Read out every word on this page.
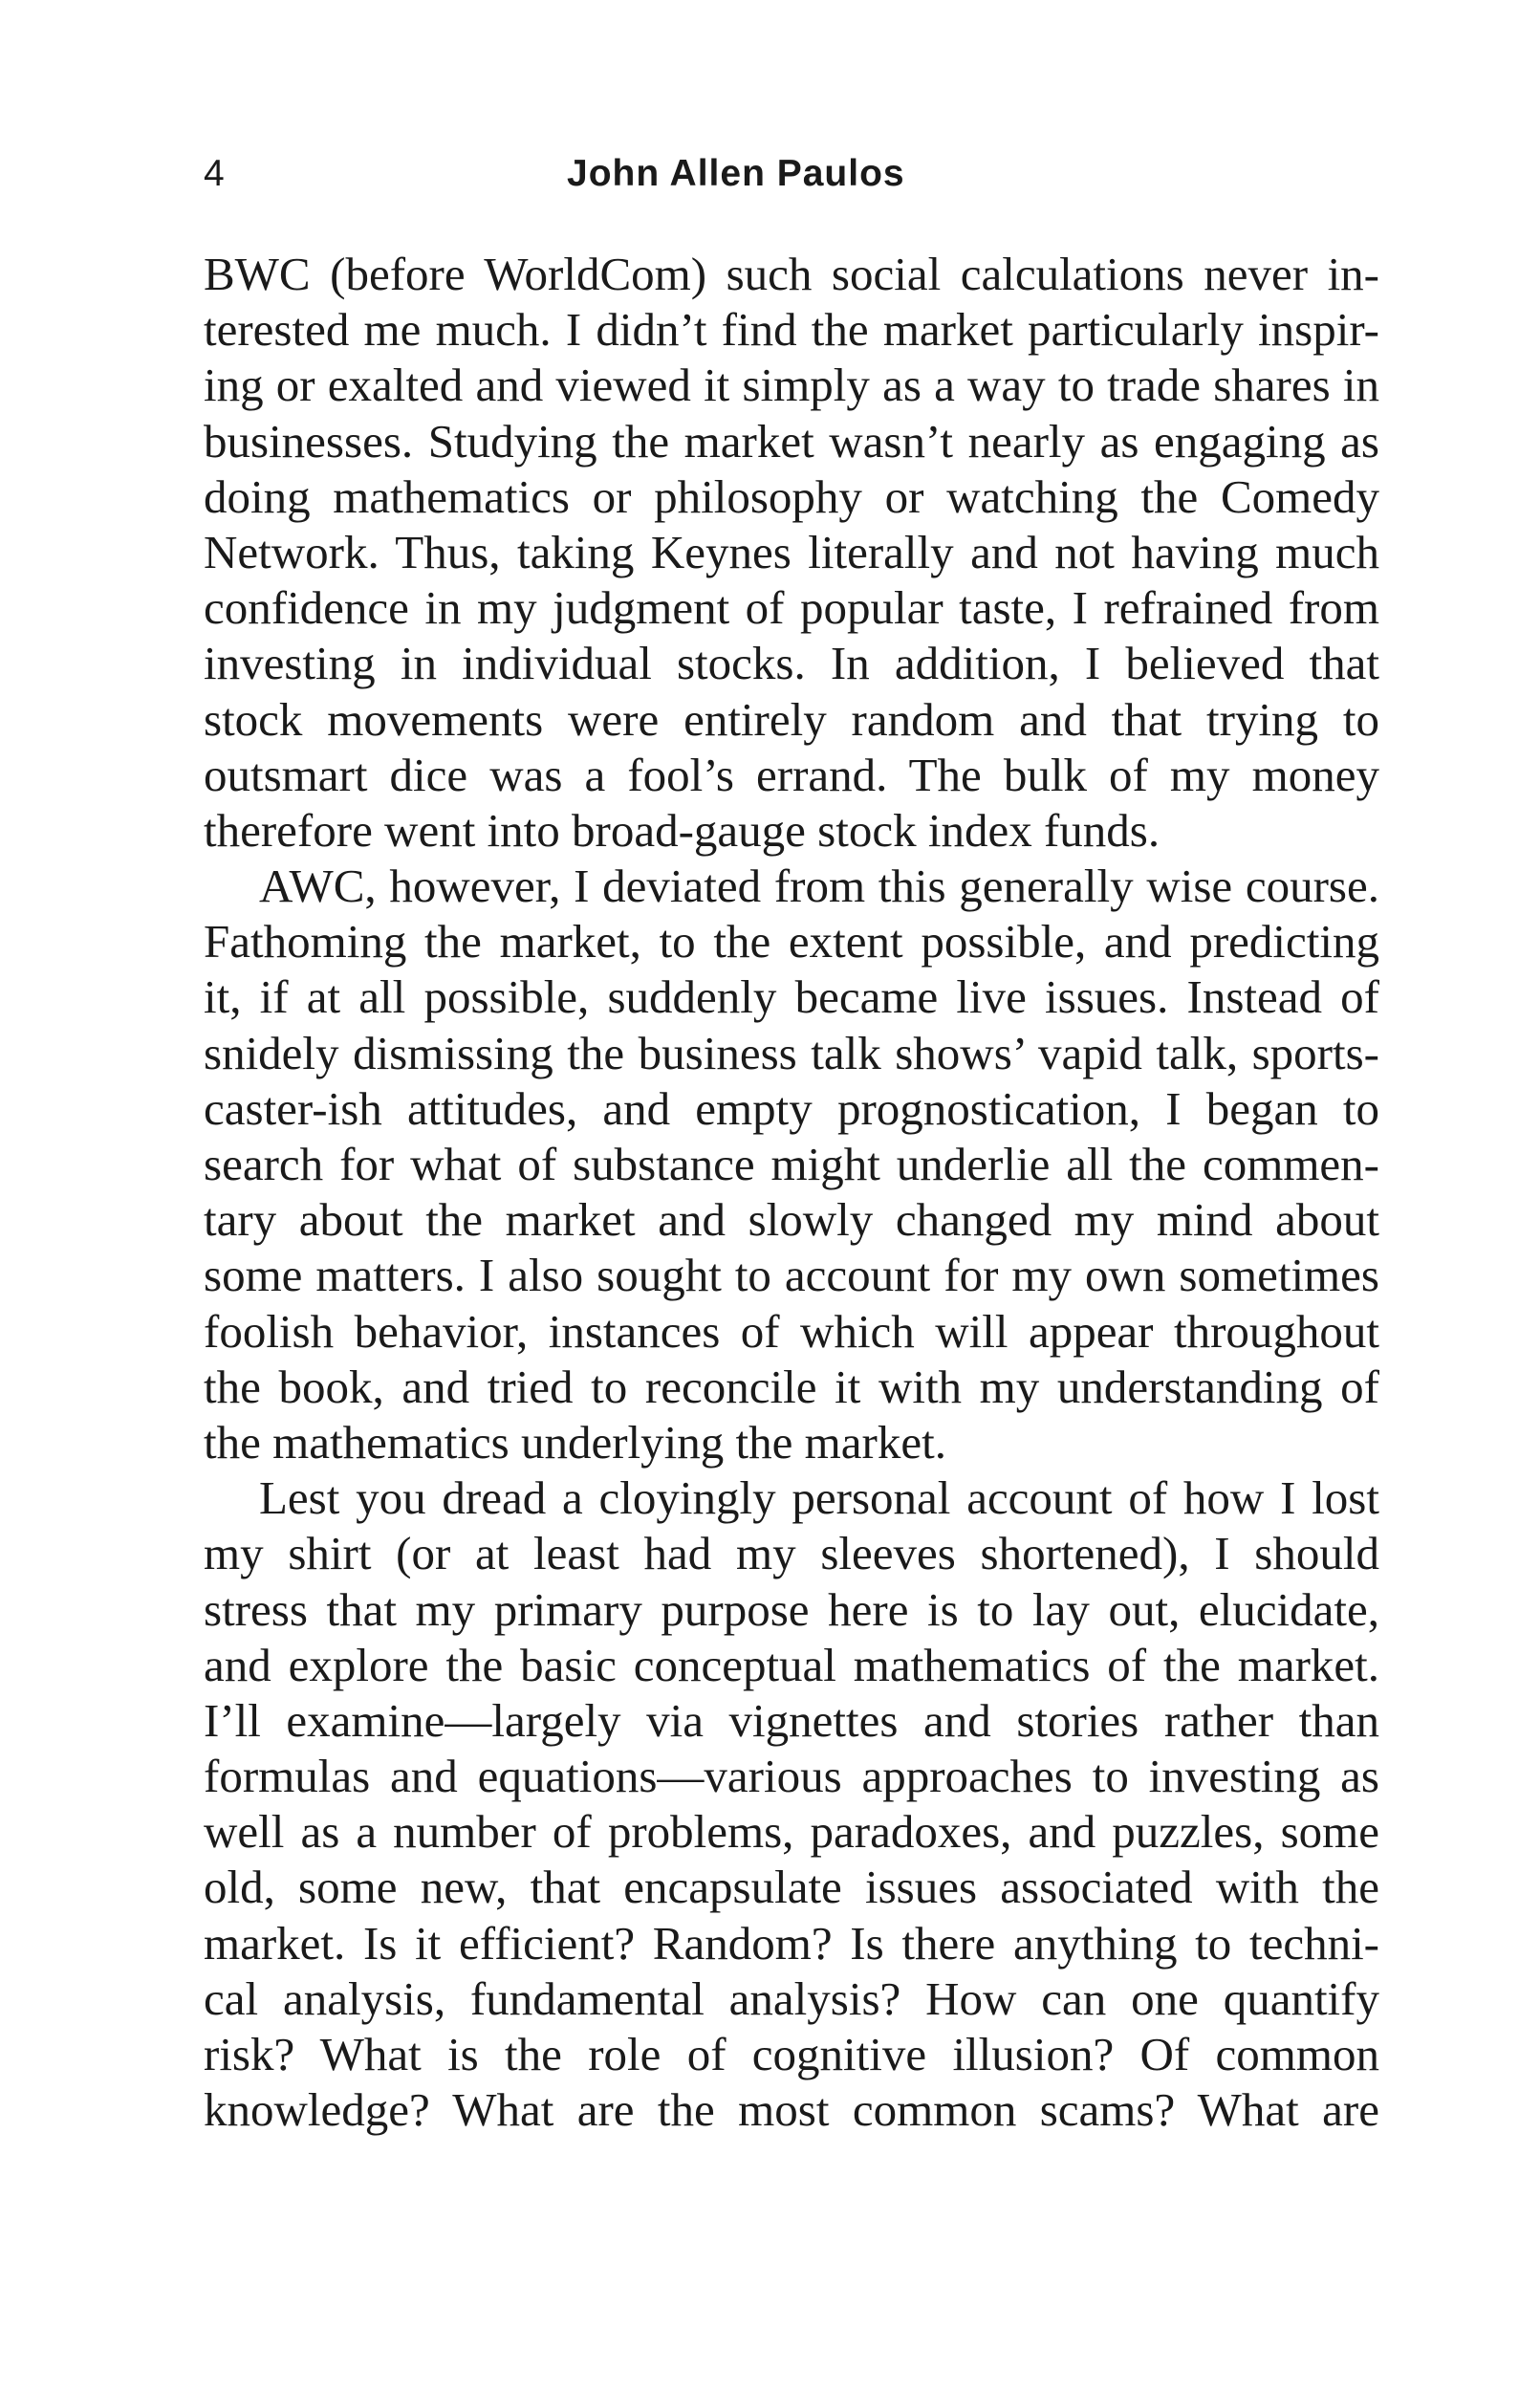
4	John Allen Paulos
BWC (before WorldCom) such social calculations never in-
terested me much. I didn’t find the market particularly inspir-
ing or exalted and viewed it simply as a way to trade shares in
businesses. Studying the market wasn’t nearly as engaging as
doing mathematics or philosophy or watching the Comedy
Network. Thus, taking Keynes literally and not having much
confidence in my judgment of popular taste, I refrained from
investing in individual stocks. In addition, I believed that
stock movements were entirely random and that trying to
outsmart dice was a fool’s errand. The bulk of my money
therefore went into broad-gauge stock index funds.
AWC, however, I deviated from this generally wise course.
Fathoming the market, to the extent possible, and predicting
it, if at all possible, suddenly became live issues. Instead of
snidely dismissing the business talk shows’ vapid talk, sports-
caster-ish attitudes, and empty prognostication, I began to
search for what of substance might underlie all the commen-
tary about the market and slowly changed my mind about
some matters. I also sought to account for my own sometimes
foolish behavior, instances of which will appear throughout
the book, and tried to reconcile it with my understanding of
the mathematics underlying the market.
Lest you dread a cloyingly personal account of how I lost
my shirt (or at least had my sleeves shortened), I should
stress that my primary purpose here is to lay out, elucidate,
and explore the basic conceptual mathematics of the market.
I’ll examine—largely via vignettes and stories rather than
formulas and equations—various approaches to investing as
well as a number of problems, paradoxes, and puzzles, some
old, some new, that encapsulate issues associated with the
market. Is it efficient? Random? Is there anything to techni-
cal analysis, fundamental analysis? How can one quantify
risk? What is the role of cognitive illusion? Of common
knowledge? What are the most common scams? What are
